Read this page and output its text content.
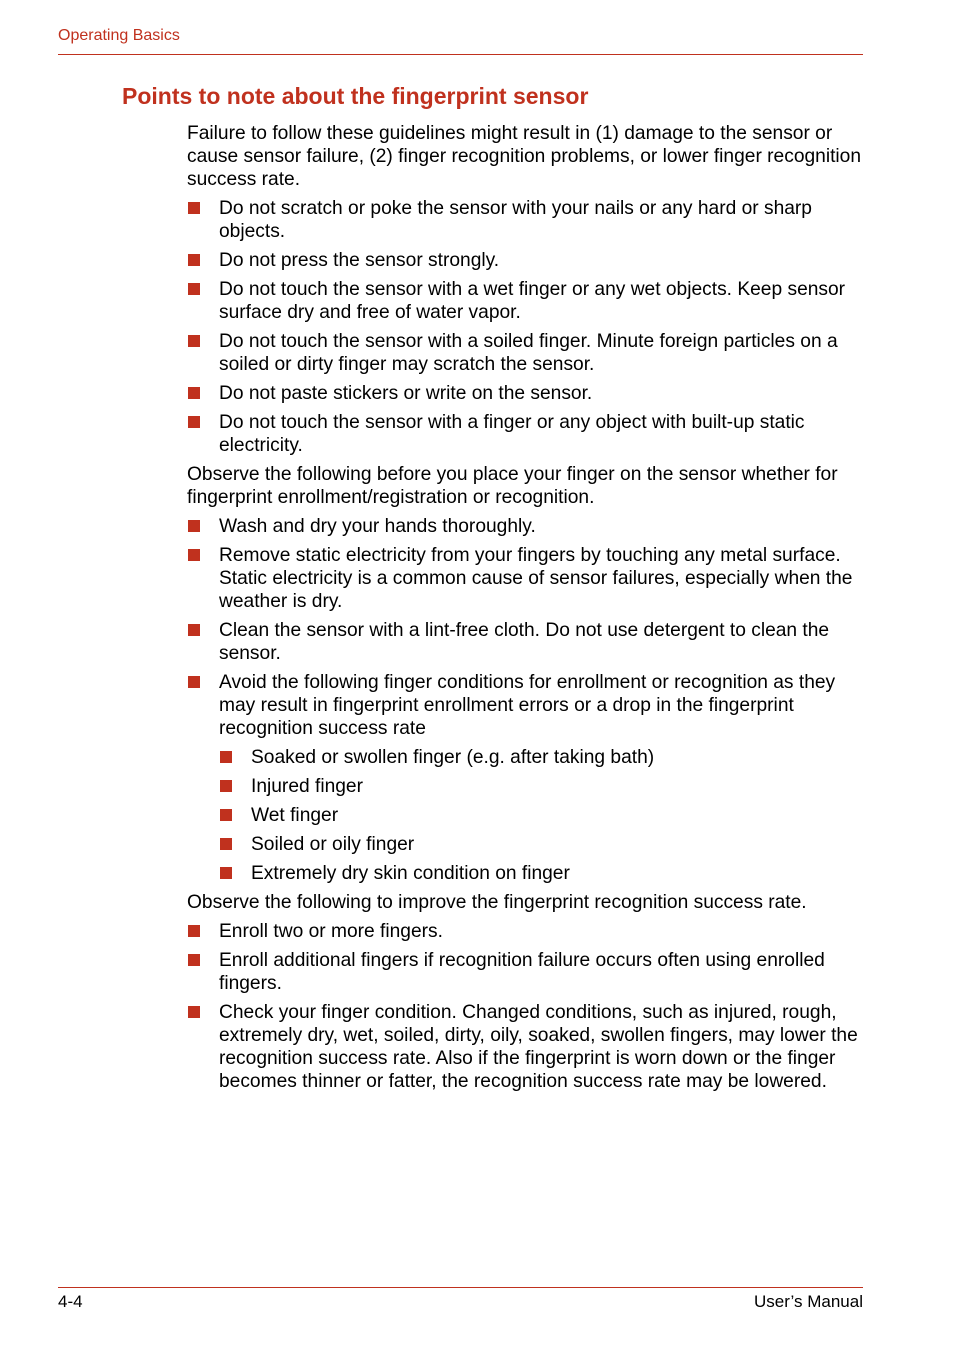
Operating Basics
Points to note about the fingerprint sensor

Failure to follow these guidelines might result in (1) damage to the sensor or cause sensor failure, (2) finger recognition problems, or lower finger recognition success rate.

Do not scratch or poke the sensor with your nails or any hard or sharp objects.
Do not press the sensor strongly.
Do not touch the sensor with a wet finger or any wet objects. Keep sensor surface dry and free of water vapor.
Do not touch the sensor with a soiled finger. Minute foreign particles on a soiled or dirty finger may scratch the sensor.
Do not paste stickers or write on the sensor.
Do not touch the sensor with a finger or any object with built-up static electricity.

Observe the following before you place your finger on the sensor whether for fingerprint enrollment/registration or recognition.

Wash and dry your hands thoroughly.
Remove static electricity from your fingers by touching any metal surface. Static electricity is a common cause of sensor failures, especially when the weather is dry.
Clean the sensor with a lint-free cloth. Do not use detergent to clean the sensor.
Avoid the following finger conditions for enrollment or recognition as they may result in fingerprint enrollment errors or a drop in the fingerprint recognition success rate
Soaked or swollen finger (e.g. after taking bath)
Injured finger
Wet finger
Soiled or oily finger
Extremely dry skin condition on finger

Observe the following to improve the fingerprint recognition success rate.

Enroll two or more fingers.
Enroll additional fingers if recognition failure occurs often using enrolled fingers.
Check your finger condition. Changed conditions, such as injured, rough, extremely dry, wet, soiled, dirty, oily, soaked, swollen fingers, may lower the recognition success rate. Also if the fingerprint is worn down or the finger becomes thinner or fatter, the recognition success rate may be lowered.
4-4	User’s Manual
